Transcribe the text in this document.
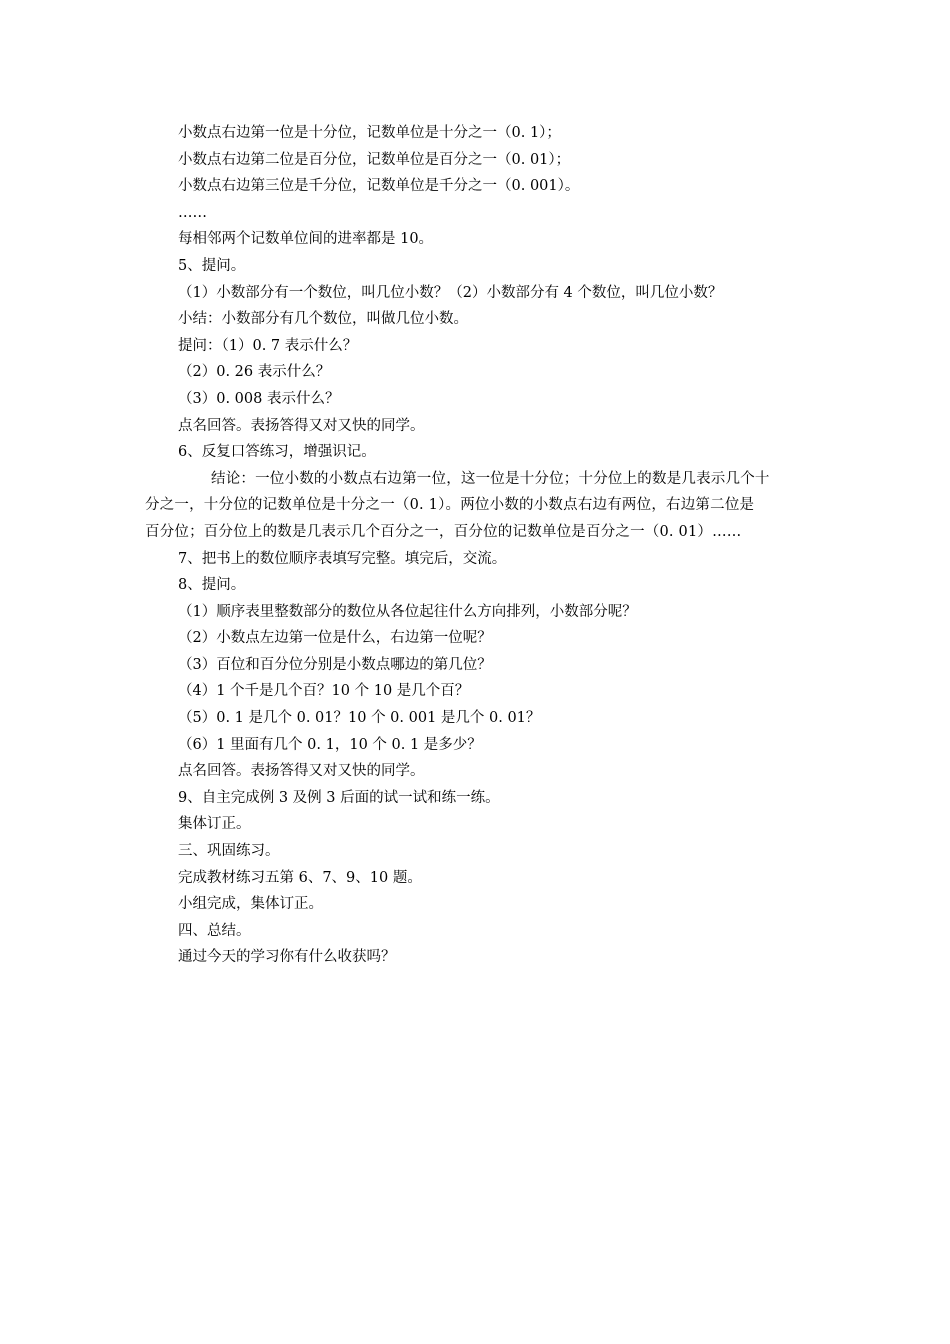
小数点右边第一位是十分位，记数单位是十分之一（0. 1）；
小数点右边第二位是百分位，记数单位是百分之一（0. 01）；
小数点右边第三位是千分位，记数单位是千分之一（0. 001）。
……
每相邻两个记数单位间的进率都是 10。
5、提问。
（1）小数部分有一个数位，叫几位小数？（2）小数部分有 4 个数位，叫几位小数？
小结：小数部分有几个数位，叫做几位小数。
提问：（1）0. 7 表示什么？
（2）0. 26 表示什么？
（3）0. 008 表示什么？
点名回答。表扬答得又对又快的同学。
6、反复口答练习，增强识记。
结论：一位小数的小数点右边第一位，这一位是十分位；十分位上的数是几表示几个十
分之一，十分位的记数单位是十分之一（0. 1）。两位小数的小数点右边有两位，右边第二位是
百分位；百分位上的数是几表示几个百分之一，百分位的记数单位是百分之一（0. 01）……
7、把书上的数位顺序表填写完整。填完后，交流。
8、提问。
（1）顺序表里整数部分的数位从各位起往什么方向排列，小数部分呢？
（2）小数点左边第一位是什么，右边第一位呢？
（3）百位和百分位分别是小数点哪边的第几位？
（4）1 个千是几个百？10 个 10 是几个百？
（5）0. 1 是几个 0. 01？10 个 0. 001 是几个 0. 01？
（6）1 里面有几个 0. 1，10 个 0. 1 是多少？
点名回答。表扬答得又对又快的同学。
9、自主完成例 3 及例 3 后面的试一试和练一练。
集体订正。
三、巩固练习。
完成教材练习五第 6、7、9、10 题。
小组完成，集体订正。
四、总结。
通过今天的学习你有什么收获吗？
